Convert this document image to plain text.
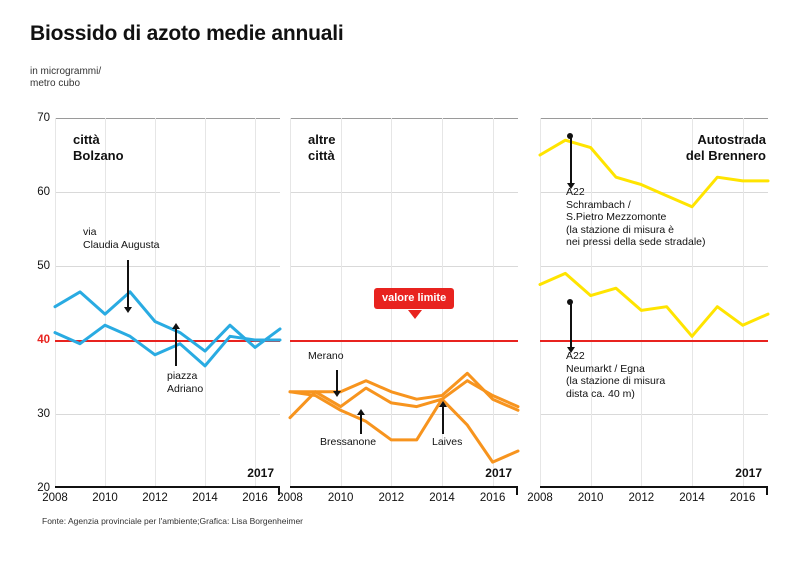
Biossido di azoto medie annuali
in microgrammi/
metro cubo
70
60
50
40
30
20
2008 2010 2012 2014 2016
città
Bolzano
2017
via
Claudia Augusta
piazza
Adriano
2008 2010 2012 2014 2016
altre
città
2017
Merano
Bressanone	Laives
valore limite
2008 2010 2012 2014 2016
Autostrada
del Brennero
2017
A22
Schrambach /
S.Pietro Mezzomonte
(la stazione di misura è
nei pressi della sede stradale)
A22
Neumarkt / Egna
(la stazione di misura
dista ca. 40 m)
Fonte: Agenzia provinciale per l'ambiente;Grafica: Lisa Borgenheimer
